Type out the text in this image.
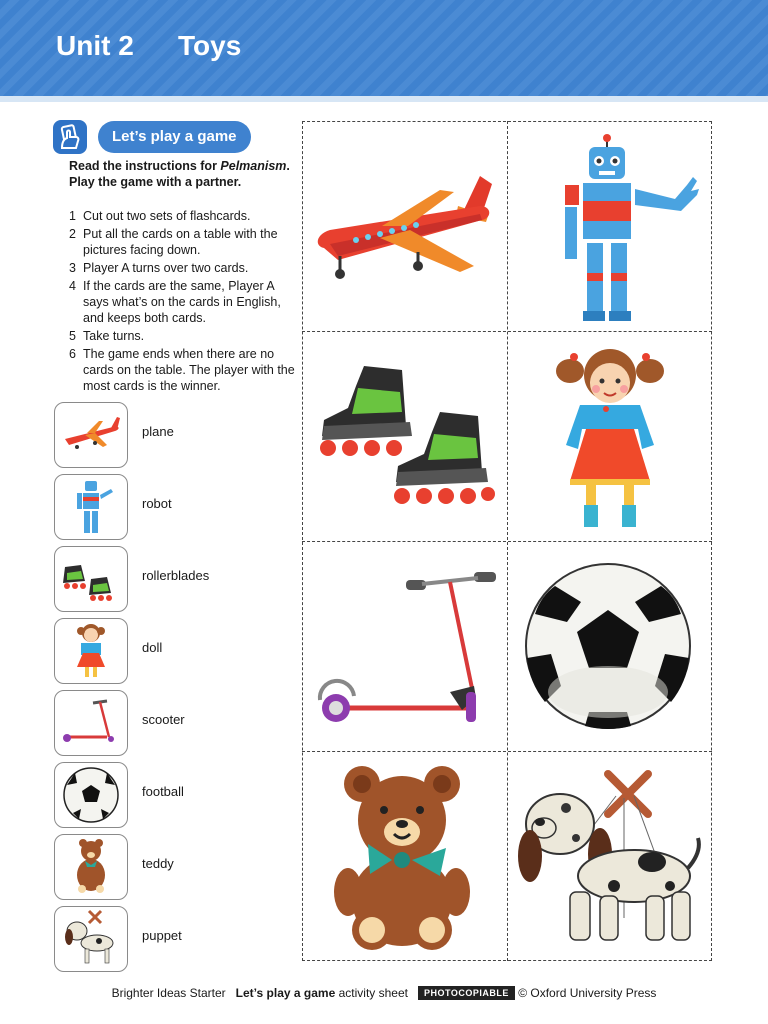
Unit 2 Toys
Let’s play a game
Read the instructions for Pelmanism. Play the game with a partner.
1 Cut out two sets of flashcards.
2 Put all the cards on a table with the pictures facing down.
3 Player A turns over two cards.
4 If the cards are the same, Player A says what’s on the cards in English, and keeps both cards.
5 Take turns.
6 The game ends when there are no cards on the table. The player with the most cards is the winner.
plane
robot
rollerblades
doll
scooter
football
teddy
puppet
Brighter Ideas Starter Let’s play a game activity sheet PHOTOCOPIABLE © Oxford University Press
